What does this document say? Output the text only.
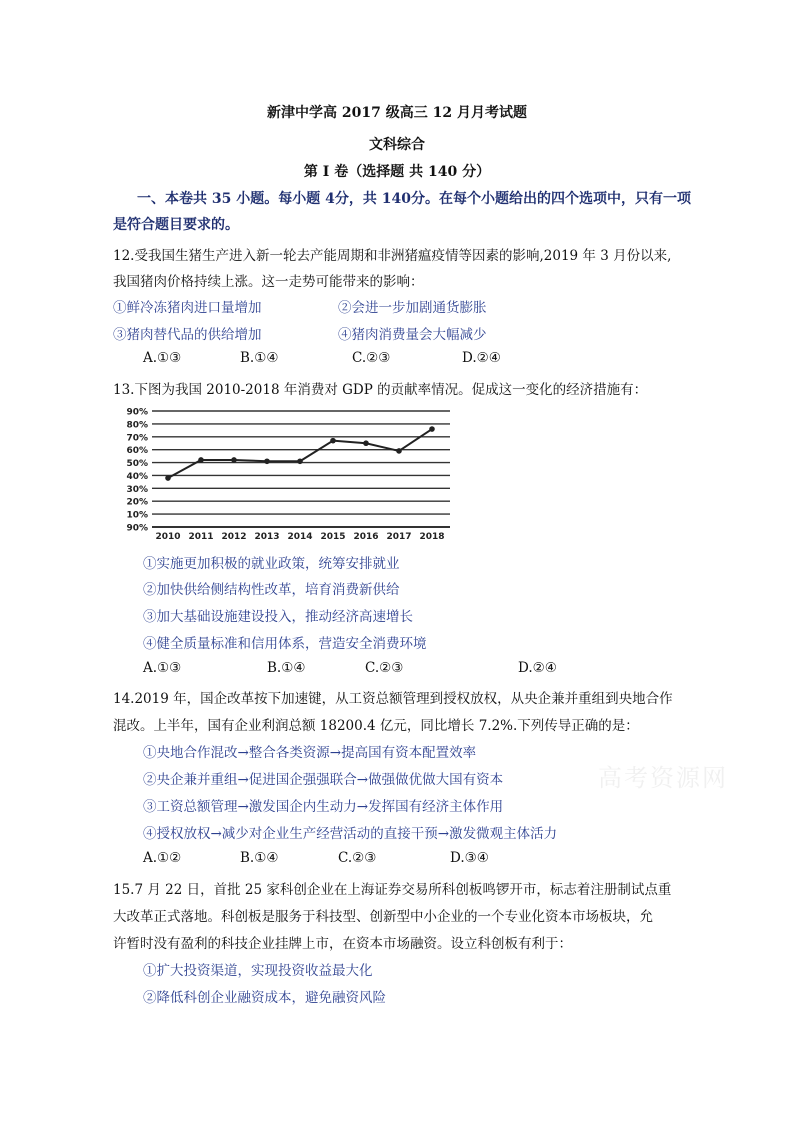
新津中学高 2017 级高三 12 月月考试题
文科综合
第 I 卷（选择题 共 140 分）
一、本卷共 35 小题。每小题 4分，共 140分。在每个小题给出的四个选项中，只有一项
是符合题目要求的。
12.受我国生猪生产进入新一轮去产能周期和非洲猪瘟疫情等因素的影响,2019 年 3 月份以来,
我国猪肉价格持续上涨。这一走势可能带来的影响：
①鲜冷冻猪肉进口量增加	②会进一步加剧通货膨胀
③猪肉替代品的供给增加	④猪肉消费量会大幅减少
A.①③	B.①④	C.②③	D.②④
13.下图为我国 2010-2018 年消费对 GDP 的贡献率情况。促成这一变化的经济措施有：
90%
80%
70%
60%
50%
40%
30%
20%
10%
90%
2010 2011 2012 2013 2014 2015 2016 2017 2018
①实施更加积极的就业政策，统筹安排就业
②加快供给侧结构性改革，培育消费新供给
③加大基础设施建设投入，推动经济高速增长
④健全质量标准和信用体系，营造安全消费环境
A.①③	B.①④	C.②③	D.②④
14.2019 年，国企改革按下加速键，从工资总额管理到授权放权，从央企兼并重组到央地合作
混改。上半年，国有企业利润总额 18200.4 亿元，同比增长 7.2%.下列传导正确的是：
①央地合作混改→整合各类资源→提高国有资本配置效率
②央企兼并重组→促进国企强强联合→做强做优做大国有资本
③工资总额管理→激发国企内生动力→发挥国有经济主体作用
④授权放权→减少对企业生产经营活动的直接干预→激发微观主体活力
A.①②	B.①④	C.②③	D.③④
15.7 月 22 日，首批 25 家科创企业在上海证券交易所科创板鸣锣开市，标志着注册制试点重
大改革正式落地。科创板是服务于科技型、创新型中小企业的一个专业化资本市场板块，允
许暂时没有盈利的科技企业挂牌上市，在资本市场融资。设立科创板有利于：
①扩大投资渠道，实现投资收益最大化
②降低科创企业融资成本，避免融资风险
高考资源网
